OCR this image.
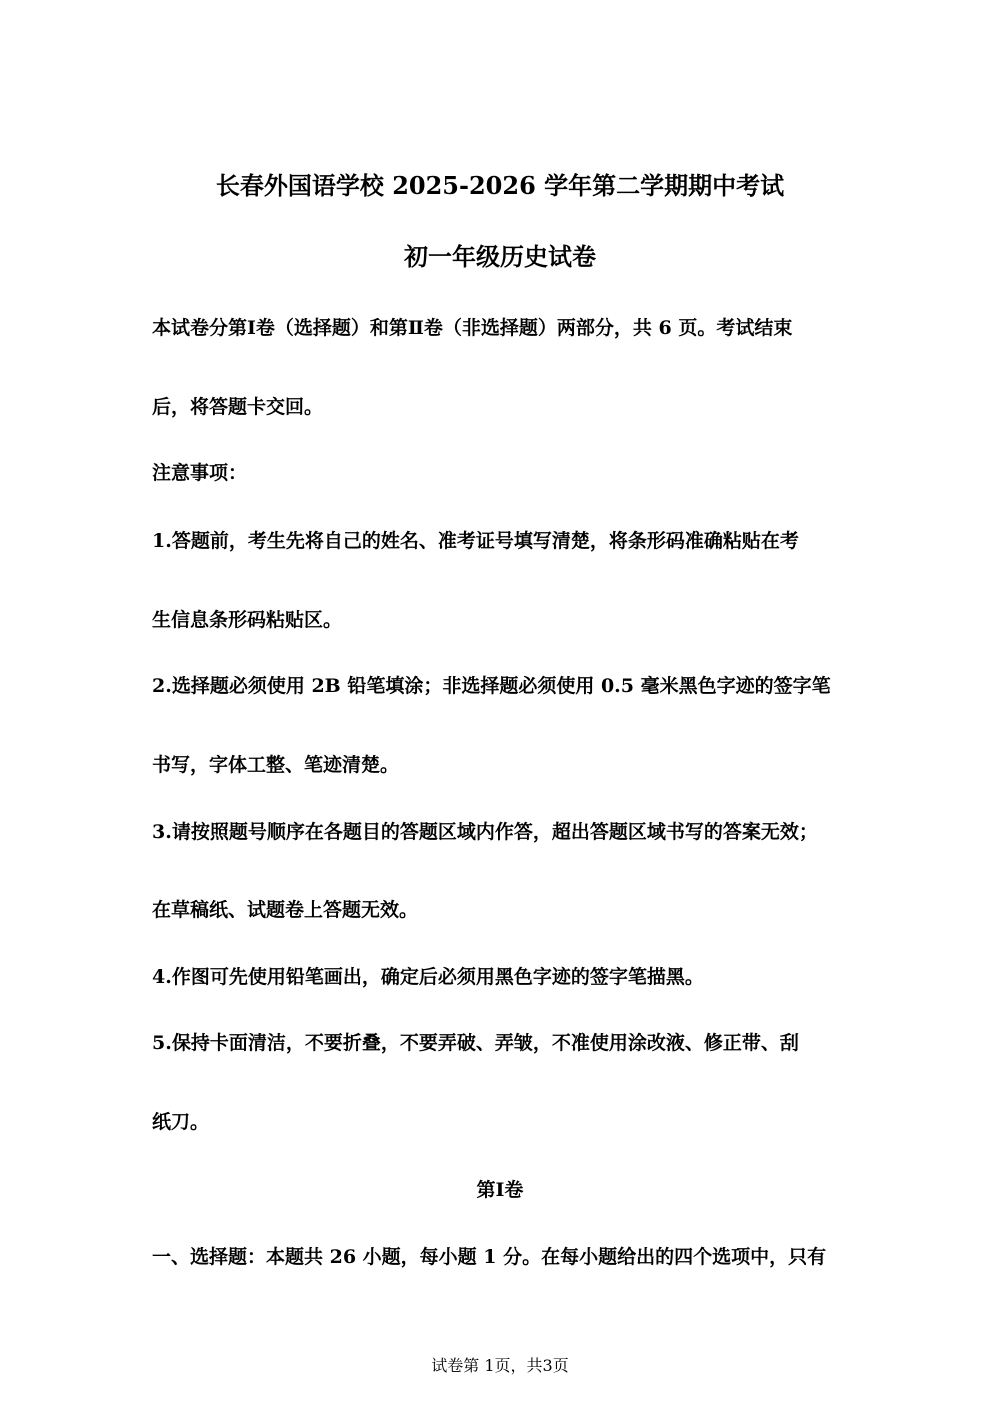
长春外国语学校 2025-2026 学年第二学期期中考试
初一年级历史试卷
本试卷分第Ⅰ卷（选择题）和第Ⅱ卷（非选择题）两部分，共 6 页。考试结束
后，将答题卡交回。
注意事项：
1.答题前，考生先将自己的姓名、准考证号填写清楚，将条形码准确粘贴在考
生信息条形码粘贴区。
2.选择题必须使用 2B 铅笔填涂；非选择题必须使用 0.5 毫米黑色字迹的签字笔
书写，字体工整、笔迹清楚。
3.请按照题号顺序在各题目的答题区域内作答，超出答题区域书写的答案无效；
在草稿纸、试题卷上答题无效。
4.作图可先使用铅笔画出，确定后必须用黑色字迹的签字笔描黑。
5.保持卡面清洁，不要折叠，不要弄破、弄皱，不准使用涂改液、修正带、刮
纸刀。
第Ⅰ卷
一、选择题：本题共 26 小题，每小题 1 分。在每小题给出的四个选项中，只有
试卷第 1页，共3页
